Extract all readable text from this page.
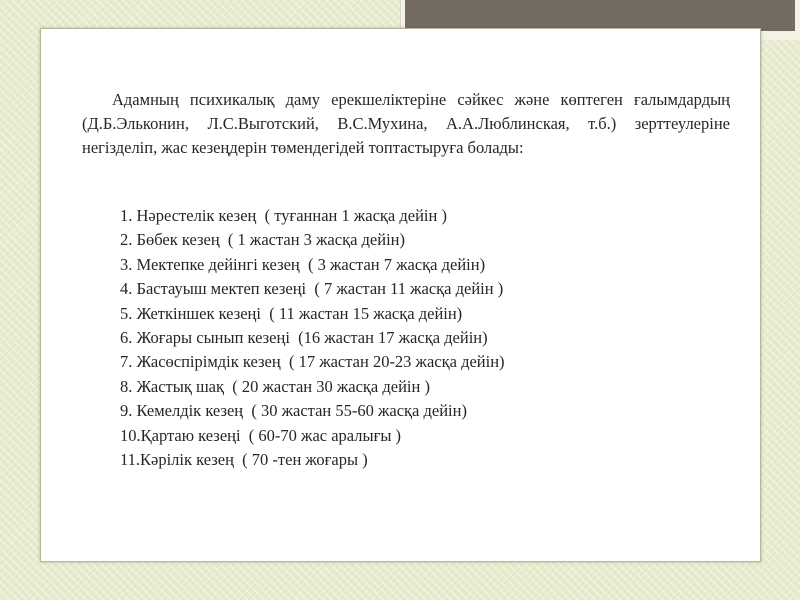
Адамның психикалық даму ерекшеліктеріне сәйкес және көптеген ғалымдардың (Д.Б.Эльконин, Л.С.Выготский, В.С.Мухина, А.А.Люблинская, т.б.) зерттеулеріне негізделіп, жас кезеңдерін төмендегідей топтастыруға болады:

1. Нәрестелік кезең  ( туғаннан 1 жасқа дейін )
2. Бөбек кезең  ( 1 жастан 3 жасқа дейін)
3. Мектепке дейінгі кезең  ( 3 жастан 7 жасқа дейін)
4. Бастауыш мектеп кезеңі  ( 7 жастан 11 жасқа дейін )
5. Жеткіншек кезеңі  ( 11 жастан 15 жасқа дейін)
6. Жоғары сынып кезеңі  (16 жастан 17 жасқа дейін)
7. Жасөспірімдік кезең  ( 17 жастан 20-23 жасқа дейін)
8. Жастық шақ  ( 20 жастан 30 жасқа дейін )
9. Кемелдік кезең  ( 30 жастан 55-60 жасқа дейін)
10.Қартаю кезеңі  ( 60-70 жас аралығы )
11.Кәрілік кезең  ( 70 -тен жоғары )
